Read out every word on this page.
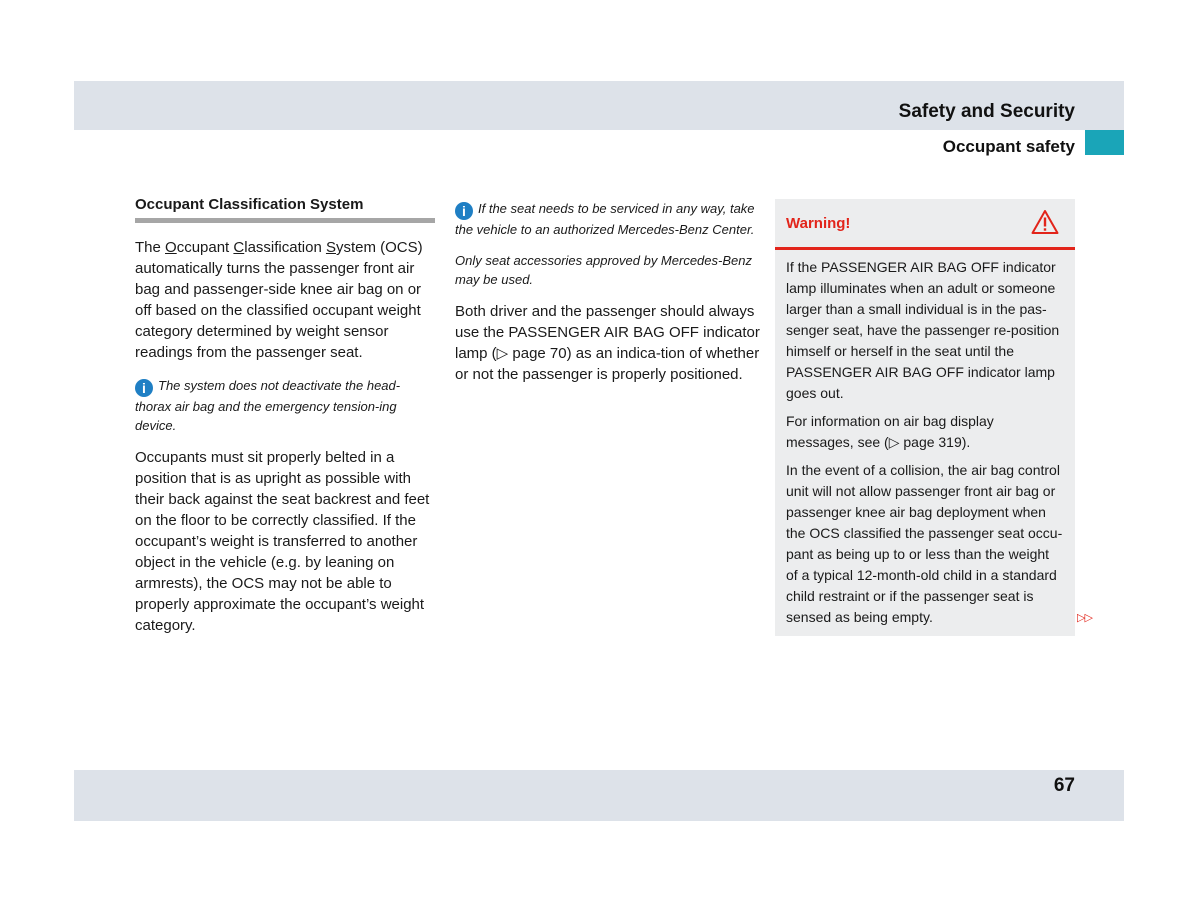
Safety and Security
Occupant safety
Occupant Classification System

The Occupant Classification System (OCS) automatically turns the passenger front air bag and passenger-side knee air bag on or off based on the classified occupant weight category determined by weight sensor readings from the passenger seat.

i The system does not deactivate the head-thorax air bag and the emergency tension-ing device.

Occupants must sit properly belted in a position that is as upright as possible with their back against the seat backrest and feet on the floor to be correctly classified. If the occupant’s weight is transferred to another object in the vehicle (e.g. by leaning on armrests), the OCS may not be able to properly approximate the occupant’s weight category.

i If the seat needs to be serviced in any way, take the vehicle to an authorized Mercedes-Benz Center.

Only seat accessories approved by Mercedes-Benz may be used.

Both driver and the passenger should always use the PASSENGER AIR BAG OFF indicator lamp (▷ page 70) as an indica-tion of whether or not the passenger is properly positioned.

Warning!

If the PASSENGER AIR BAG OFF indicator lamp illuminates when an adult or someone larger than a small individual is in the pas-senger seat, have the passenger re-position himself or herself in the seat until the PASSENGER AIR BAG OFF indicator lamp goes out.

For information on air bag display messages, see (▷ page 319).

In the event of a collision, the air bag control unit will not allow passenger front air bag or passenger knee air bag deployment when the OCS classified the passenger seat occu-pant as being up to or less than the weight of a typical 12-month-old child in a standard child restraint or if the passenger seat is sensed as being empty.	▷▷
67
